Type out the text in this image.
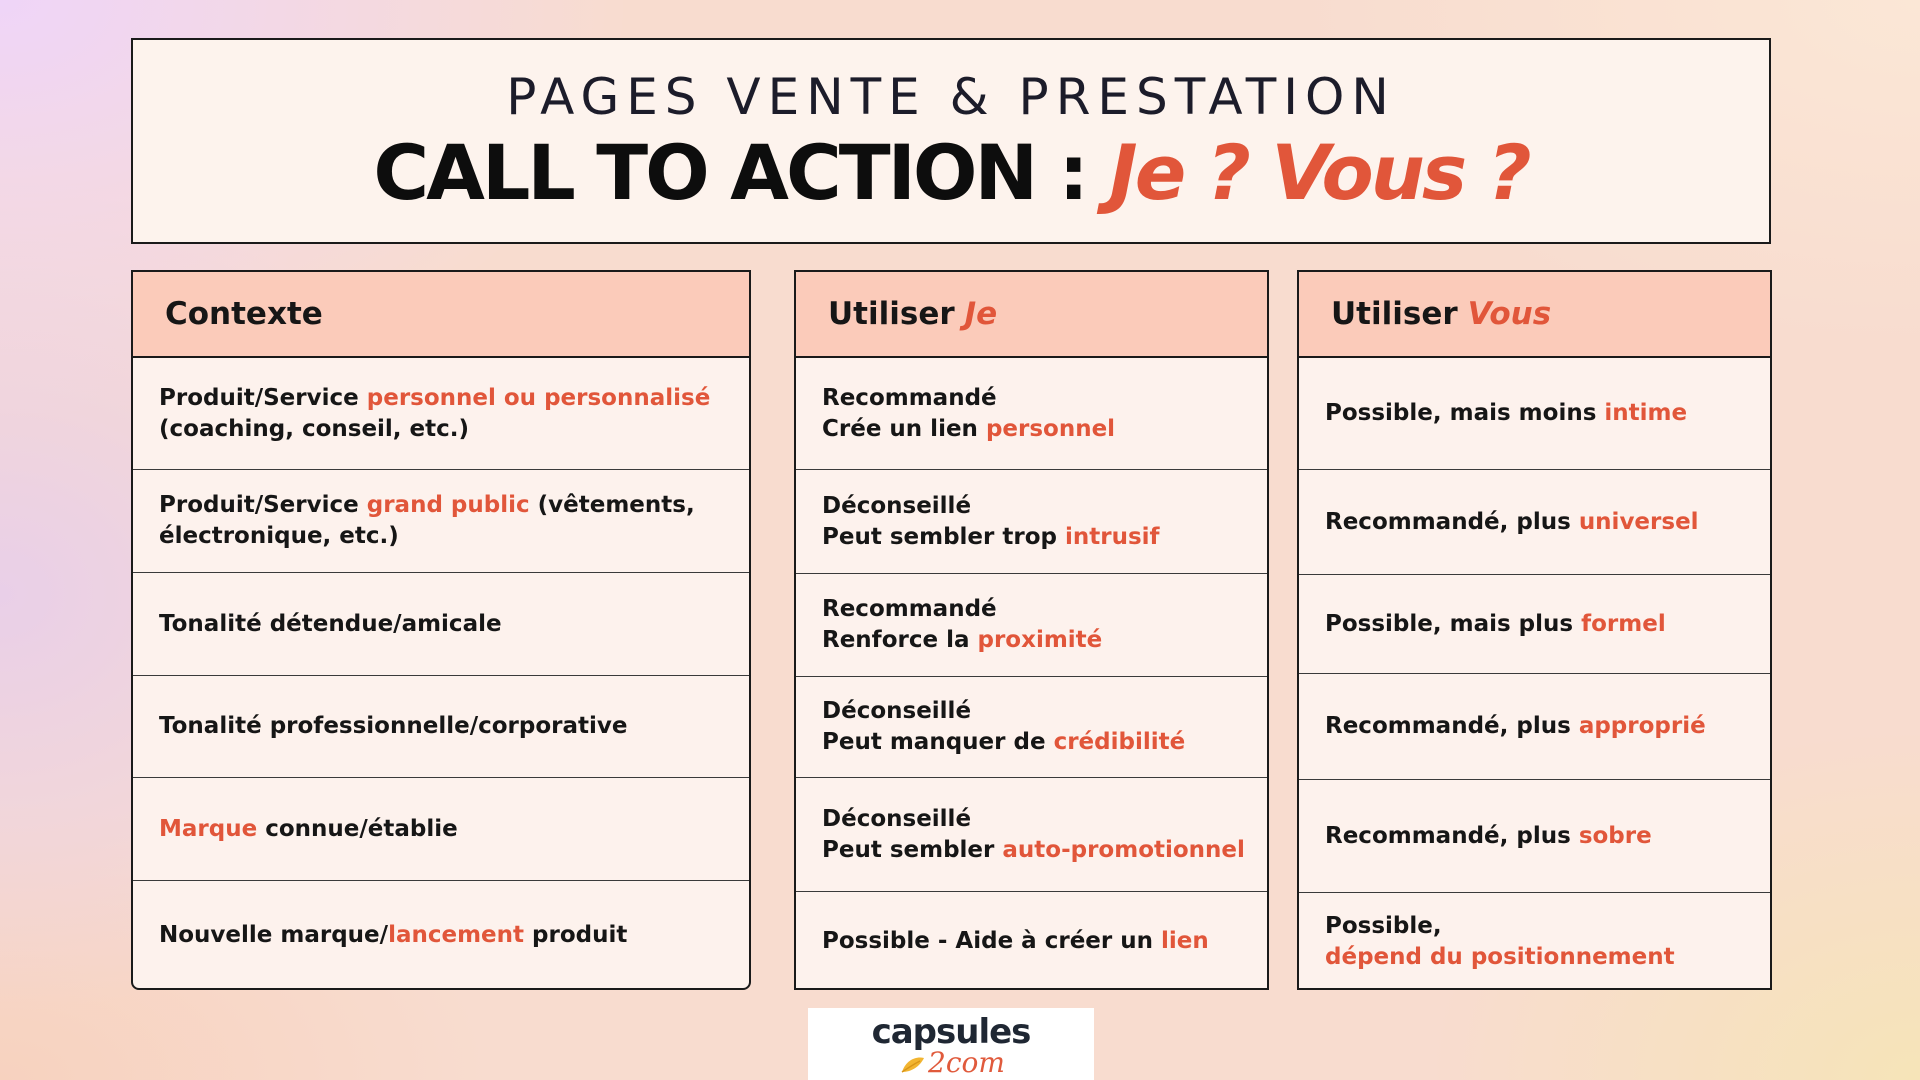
PAGES VENTE & PRESTATION
CALL TO ACTION : Je ? Vous ?
Contexte
Produit/Service personnel ou personnalisé
(coaching, conseil, etc.)
Produit/Service grand public (vêtements,
électronique, etc.)
Tonalité détendue/amicale
Tonalité professionnelle/corporative
Marque connue/établie
Nouvelle marque/lancement produit
Utiliser Je
Recommandé
Crée un lien personnel
Déconseillé
Peut sembler trop intrusif
Recommandé
Renforce la proximité
Déconseillé
Peut manquer de crédibilité
Déconseillé
Peut sembler auto-promotionnel
Possible - Aide à créer un lien
Utiliser Vous
Possible, mais moins intime
Recommandé, plus universel
Possible, mais plus formel
Recommandé, plus approprié
Recommandé, plus sobre
Possible,
dépend du positionnement
capsules
2com
